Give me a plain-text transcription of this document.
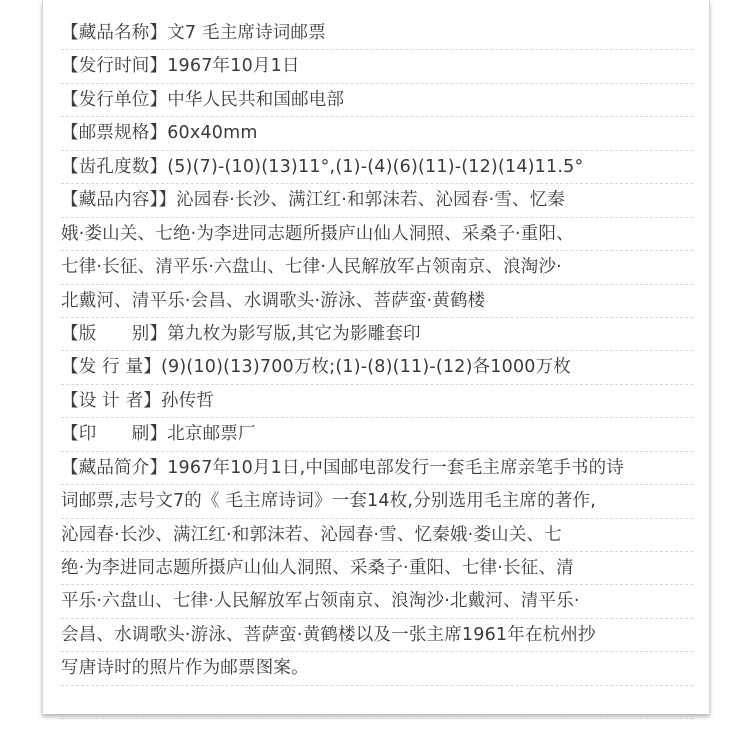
【藏品名称】文7 毛主席诗词邮票
【发行时间】1967年10月1日
【发行单位】中华人民共和国邮电部
【邮票规格】60x40mm
【齿孔度数】(5)(7)-(10)(13)11°,(1)-(4)(6)(11)-(12)(14)11.5°
【藏品内容】】沁园春·长沙、满江红·和郭沫若、沁园春·雪、忆秦
娥·娄山关、七绝·为李进同志题所摄庐山仙人洞照、采桑子·重阳、
七律·长征、清平乐·六盘山、七律·人民解放军占领南京、浪淘沙·
北戴河、清平乐·会昌、水调歌头·游泳、菩萨蛮·黄鹤楼
【版　　别】第九枚为影写版,其它为影雕套印
【发 行 量】(9)(10)(13)700万枚;(1)-(8)(11)-(12)各1000万枚
【设 计 者】孙传哲
【印　　刷】北京邮票厂
【藏品简介】1967年10月1日,中国邮电部发行一套毛主席亲笔手书的诗
词邮票,志号文7的《 毛主席诗词》一套14枚,分别选用毛主席的著作,
沁园春·长沙、满江红·和郭沫若、沁园春·雪、忆秦娥·娄山关、七
绝·为李进同志题所摄庐山仙人洞照、采桑子·重阳、七律·长征、清
平乐·六盘山、七律·人民解放军占领南京、浪淘沙·北戴河、清平乐·
会昌、水调歌头·游泳、菩萨蛮·黄鹤楼以及一张主席1961年在杭州抄
写唐诗时的照片作为邮票图案。
